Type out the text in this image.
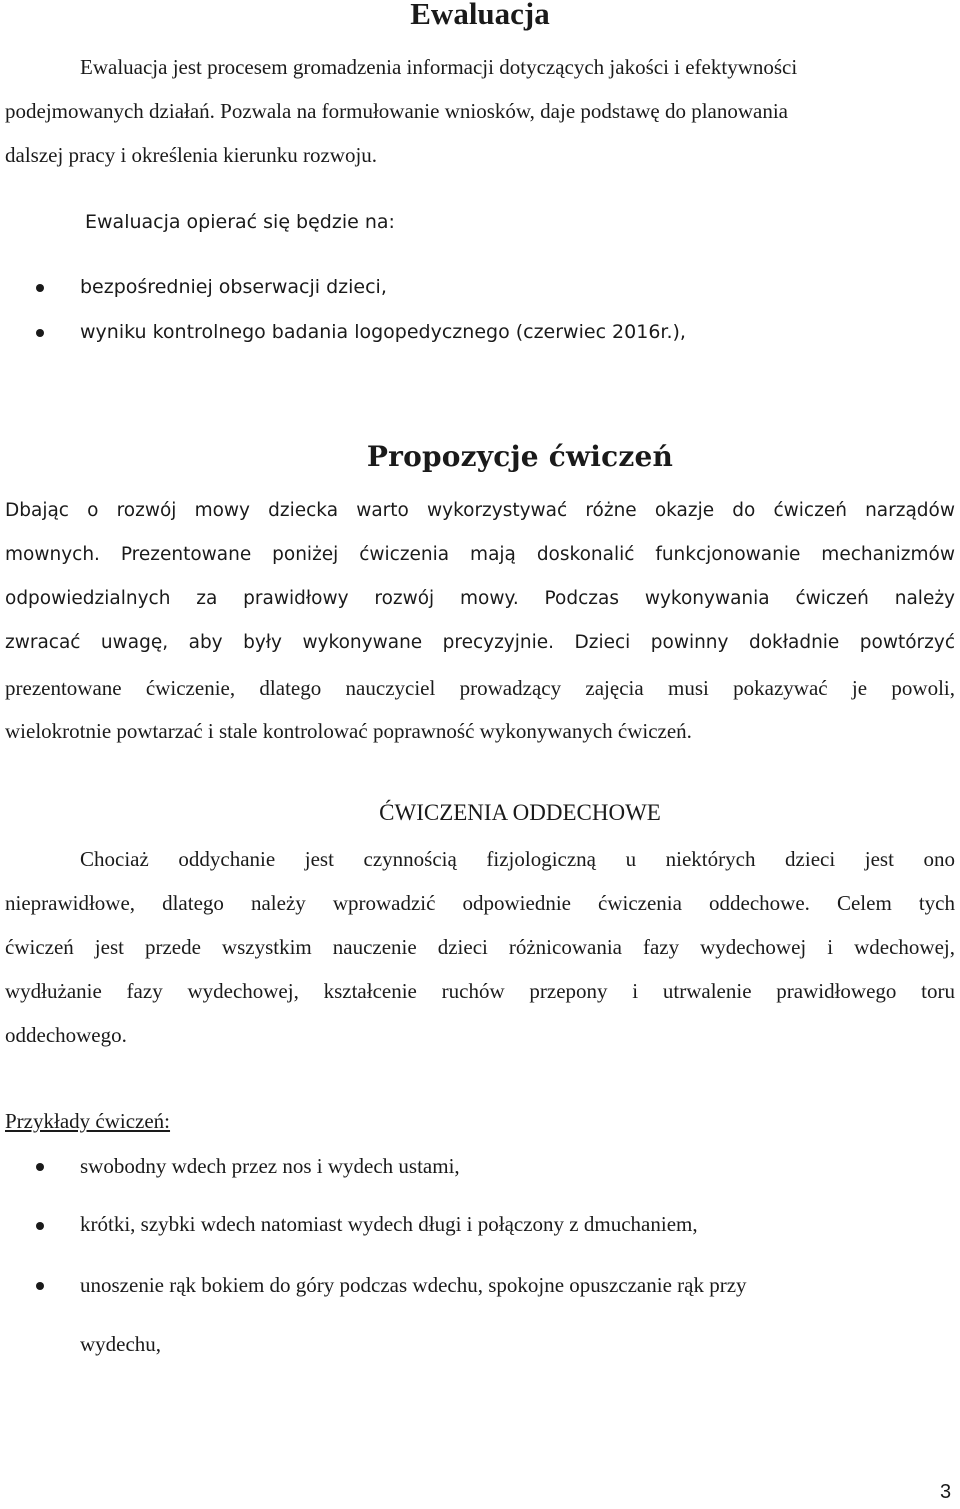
Ewaluacja
Ewaluacja jest procesem gromadzenia informacji dotyczących jakości i efektywności
podejmowanych działań. Pozwala na formułowanie wniosków, daje podstawę do planowania
dalszej pracy i określenia kierunku rozwoju.
Ewaluacja opierać się będzie na:
bezpośredniej obserwacji dzieci,
wyniku kontrolnego badania logopedycznego (czerwiec 2016r.),
Propozycje ćwiczeń
Dbając o rozwój mowy dziecka warto wykorzystywać różne okazje do ćwiczeń narządów
mownych. Prezentowane poniżej ćwiczenia mają doskonalić funkcjonowanie mechanizmów
odpowiedzialnych za prawidłowy rozwój mowy. Podczas wykonywania ćwiczeń należy
zwracać uwagę, aby były wykonywane precyzyjnie. Dzieci powinny dokładnie powtórzyć
prezentowane ćwiczenie, dlatego nauczyciel prowadzący zajęcia musi pokazywać je powoli,
wielokrotnie powtarzać i stale kontrolować poprawność wykonywanych ćwiczeń.
ĆWICZENIA ODDECHOWE
Chociaż oddychanie jest czynnością fizjologiczną u niektórych dzieci jest ono
nieprawidłowe, dlatego należy wprowadzić odpowiednie ćwiczenia oddechowe. Celem tych
ćwiczeń jest przede wszystkim nauczenie dzieci różnicowania fazy wydechowej i wdechowej,
wydłużanie fazy wydechowej, kształcenie ruchów przepony i utrwalenie prawidłowego toru
oddechowego.
Przykłady ćwiczeń:
swobodny wdech przez nos i wydech ustami,
krótki, szybki wdech natomiast wydech długi i połączony z dmuchaniem,
unoszenie rąk bokiem do góry podczas wdechu, spokojne opuszczanie rąk przy
wydechu,
3
